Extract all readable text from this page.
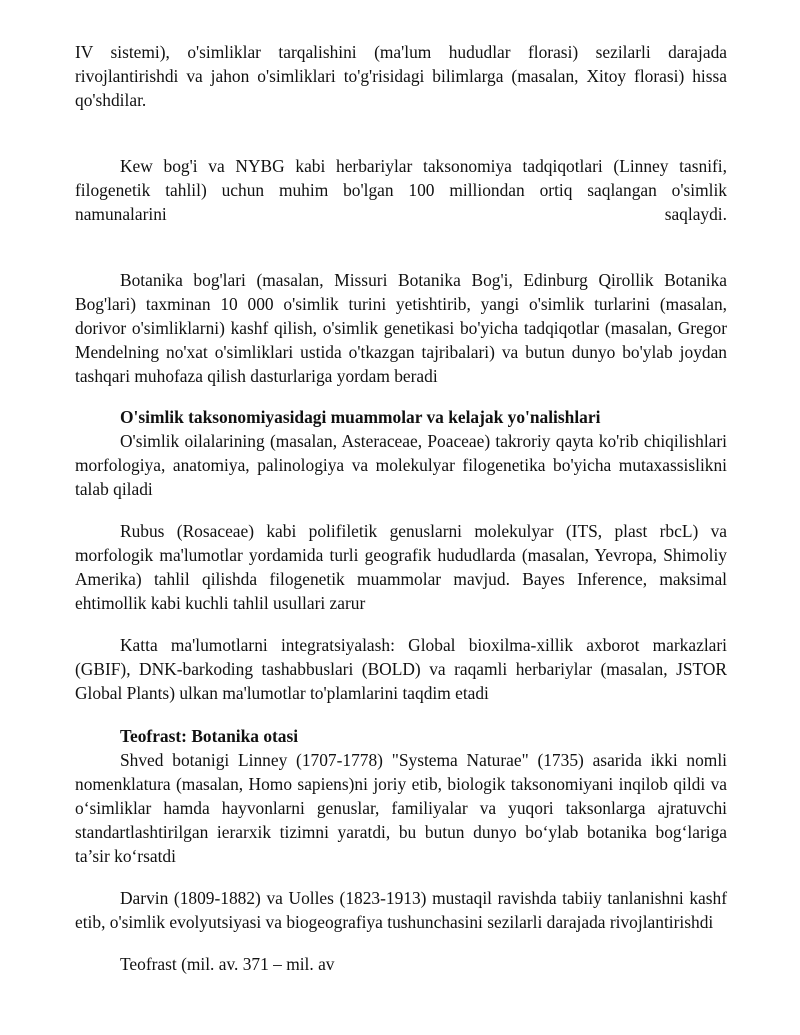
IV sistemi), o'simliklar tarqalishini (ma'lum hududlar florasi) sezilarli darajada rivojlantirishdi va jahon o'simliklari to'g'risidagi bilimlarga (masalan, Xitoy florasi) hissa qo'shdilar.

Kew bog'i va NYBG kabi herbariylar taksonomiya tadqiqotlari (Linney tasnifi, filogenetik tahlil) uchun muhim bo'lgan 100 milliondan ortiq saqlangan o'simlik namunalarini	saqlaydi.

Botanika bog'lari (masalan, Missuri Botanika Bog'i, Edinburg Qirollik Botanika Bog'lari) taxminan 10 000 o'simlik turini yetishtirib, yangi o'simlik turlarini (masalan, dorivor o'simliklarni) kashf qilish, o'simlik genetikasi bo'yicha tadqiqotlar (masalan, Gregor Mendelning no'xat o'simliklari ustida o'tkazgan tajribalari) va butun dunyo bo'ylab joydan tashqari muhofaza qilish dasturlariga yordam beradi

O'simlik taksonomiyasidagi muammolar va kelajak yo'nalishlari

O'simlik oilalarining (masalan, Asteraceae, Poaceae) takroriy qayta ko'rib chiqilishlari morfologiya, anatomiya, palinologiya va molekulyar filogenetika bo'yicha mutaxassislikni talab qiladi

Rubus (Rosaceae) kabi polifiletik genuslarni molekulyar (ITS, plast rbcL) va morfologik ma'lumotlar yordamida turli geografik hududlarda (masalan, Yevropa, Shimoliy Amerika) tahlil qilishda filogenetik muammolar mavjud. Bayes Inference, maksimal ehtimollik kabi kuchli tahlil usullari zarur

Katta ma'lumotlarni integratsiyalash: Global bioxilma-xillik axborot markazlari (GBIF), DNK-barkoding tashabbuslari (BOLD) va raqamli herbariylar (masalan, JSTOR Global Plants) ulkan ma'lumotlar to'plamlarini taqdim etadi

Teofrast: Botanika otasi

Shved botanigi Linney (1707-1778) "Systema Naturae" (1735) asarida ikki nomli nomenklatura (masalan, Homo sapiens)ni joriy etib, biologik taksonomiyani inqilob qildi va o‘simliklar hamda hayvonlarni genuslar, familiyalar va yuqori taksonlarga ajratuvchi standartlashtirilgan ierarxik tizimni yaratdi, bu butun dunyo bo‘ylab botanika bog‘lariga ta’sir ko‘rsatdi

Darvin (1809-1882) va Uolles (1823-1913) mustaqil ravishda tabiiy tanlanishni kashf etib, o'simlik evolyutsiyasi va biogeografiya tushunchasini sezilarli darajada rivojlantirishdi

Teofrast (mil. av. 371 – mil. av
